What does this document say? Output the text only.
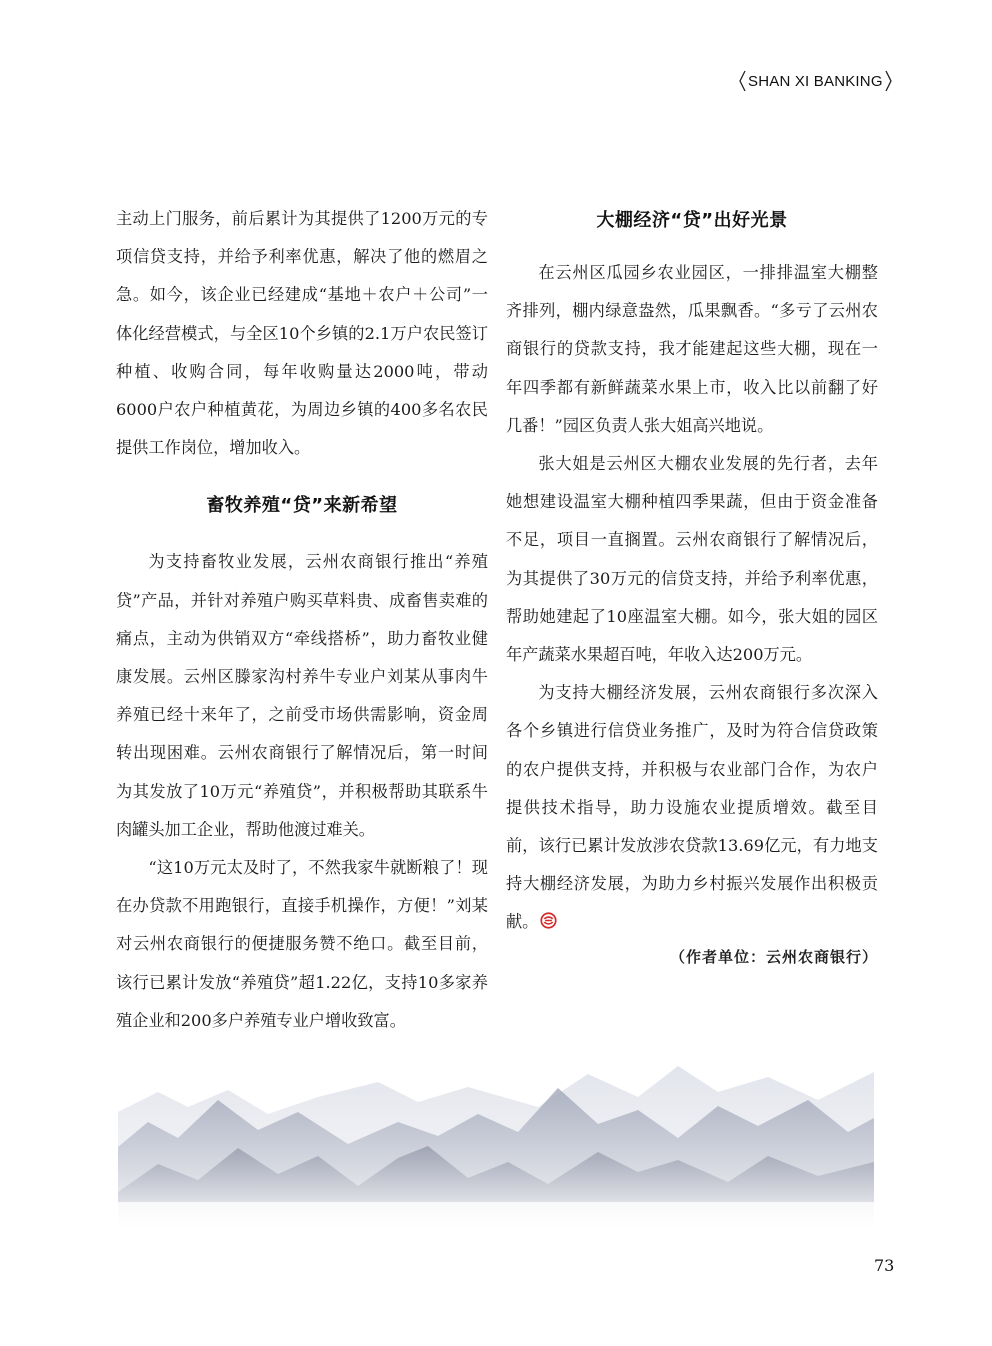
SHAN XI BANKING

主动上门服务，前后累计为其提供了1200万元的专项信贷支持，并给予利率优惠，解决了他的燃眉之急。如今，该企业已经建成“基地＋农户＋公司”一体化经营模式，与全区10个乡镇的2.1万户农民签订种植、收购合同，每年收购量达2000吨，带动6000户农户种植黄花，为周边乡镇的400多名农民提供工作岗位，增加收入。

畜牧养殖“贷”来新希望

为支持畜牧业发展，云州农商银行推出“养殖贷”产品，并针对养殖户购买草料贵、成畜售卖难的痛点，主动为供销双方“牵线搭桥”，助力畜牧业健康发展。云州区滕家沟村养牛专业户刘某从事肉牛养殖已经十来年了，之前受市场供需影响，资金周转出现困难。云州农商银行了解情况后，第一时间为其发放了10万元“养殖贷”，并积极帮助其联系牛肉罐头加工企业，帮助他渡过难关。

“这10万元太及时了，不然我家牛就断粮了！现在办贷款不用跑银行，直接手机操作，方便！”刘某对云州农商银行的便捷服务赞不绝口。截至目前，该行已累计发放“养殖贷”超1.22亿，支持10多家养殖企业和200多户养殖专业户增收致富。

大棚经济“贷”出好光景

在云州区瓜园乡农业园区，一排排温室大棚整齐排列，棚内绿意盎然，瓜果飘香。“多亏了云州农商银行的贷款支持，我才能建起这些大棚，现在一年四季都有新鲜蔬菜水果上市，收入比以前翻了好几番！”园区负责人张大姐高兴地说。

张大姐是云州区大棚农业发展的先行者，去年她想建设温室大棚种植四季果蔬，但由于资金准备不足，项目一直搁置。云州农商银行了解情况后，为其提供了30万元的信贷支持，并给予利率优惠，帮助她建起了10座温室大棚。如今，张大姐的园区年产蔬菜水果超百吨，年收入达200万元。

为支持大棚经济发展，云州农商银行多次深入各个乡镇进行信贷业务推广，及时为符合信贷政策的农户提供支持，并积极与农业部门合作，为农户提供技术指导，助力设施农业提质增效。截至目前，该行已累计发放涉农贷款13.69亿元，有力地支持大棚经济发展，为助力乡村振兴发展作出积极贡献。

（作者单位：云州农商银行）

73
